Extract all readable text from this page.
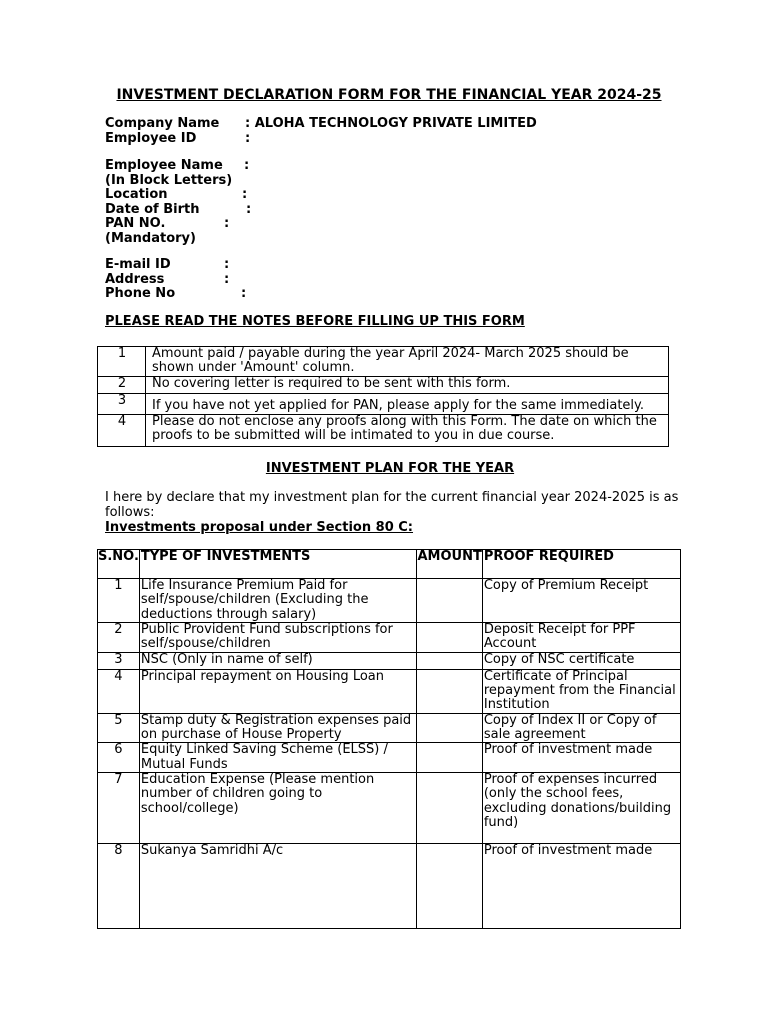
INVESTMENT DECLARATION FORM FOR THE FINANCIAL YEAR 2024-25
Company Name : ALOHA TECHNOLOGY PRIVATE LIMITED
Employee ID	:
Employee Name :
(In Block Letters)
Location	:
Date of Birth	:
PAN NO.	:
(Mandatory)
E-mail ID	:
Address	:
Phone No	:
PLEASE READ THE NOTES BEFORE FILLING UP THIS FORM
1	Amount paid / payable during the year April 2024- March 2025 should be shown under 'Amount' column.
2	No covering letter is required to be sent with this form.
3	If you have not yet applied for PAN, please apply for the same immediately.
4	Please do not enclose any proofs along with this Form. The date on which the proofs to be submitted will be intimated to you in due course.
INVESTMENT PLAN FOR THE YEAR
I here by declare that my investment plan for the current financial year 2024-2025 is as follows:
Investments proposal under Section 80 C:
S.NO.	TYPE OF INVESTMENTS	AMOUNT	PROOF REQUIRED
1	Life Insurance Premium Paid for self/spouse/children (Excluding the deductions through salary)		Copy of Premium Receipt
2	Public Provident Fund subscriptions for self/spouse/children		Deposit Receipt for PPF Account
3	NSC (Only in name of self)		Copy of NSC certificate
4	Principal repayment on Housing Loan		Certificate of Principal repayment from the Financial Institution
5	Stamp duty & Registration expenses paid on purchase of House Property		Copy of Index II or Copy of sale agreement
6	Equity Linked Saving Scheme (ELSS) / Mutual Funds		Proof of investment made
7	Education Expense (Please mention number of children going to school/college)		Proof of expenses incurred (only the school fees, excluding donations/building fund)
8	Sukanya Samridhi A/c		Proof of investment made
